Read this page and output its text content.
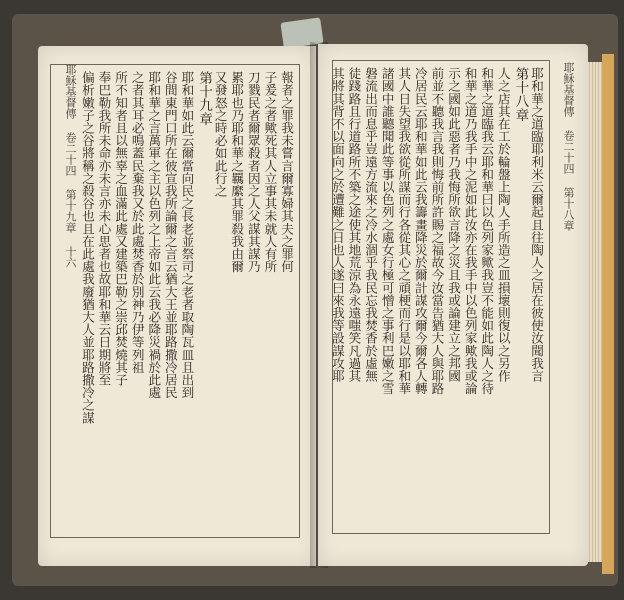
報者之罪我未嘗言爾寡婦其夫之罪何
子爰之者歟死其人立事其未就人有所
刀戮民者爾眾殺者因之人父謀其謀乃
累耶也乃耶和華之羈縻其罪殺我由爾
又發怒之時必如此行之
第十九章
耶和華如此云爾當向民之長老並祭司之老者取陶瓦皿且出到
谷間東門口所在彼宣我所論爾之言云猶大王並耶路撒冷居民
耶和華之言萬軍之主以色列之上帝如此云我必降災禍於此處
之者其耳必鳴蓋民棄我又於此處焚香於別神乃伊等列祖
所不知者且以無辜之血滿此處又建築巴勒之崇邱焚燒其子
奉巴勒我所未命亦未言亦未心思者也故耶和華云日期將至
偏析嫩子之谷將稱之殺谷也且在此處我廢猶大人並耶路撒冷之謀
耶穌基督傳 卷二十四 第十九章 十六	耶和華之道臨耶利米云爾起且往陶人之居在彼使汝聞我言
第十八章
人之店其在工於輪盤上陶人手所造之皿損壞則復以之另作
和華之道臨我云耶和華曰以色列家歟我豈不能如此陶人之待
和華之道乃我手中之泥如此汝亦在我手中以色列家歟我或論
示之國如此惡者乃我悔所欲言降之災且我或論建立之邦國
前並不聽我言我則悔前所許賜之福故今汝當告猶大人與耶路
冷居民云耶和華如此云我籌畫降災於爾計謀攻爾今爾各人轉
其人日失望我欲從所謀而行各從其心之頑梗而行是以耶和華
諸國中誰聽聞此等事以色列之處女行極可憎之事利巴嫩之雪
磐流出而息乎豈遠方流來之冷水涸乎我民忘我焚香於虛無
徒踐路且行道路所不築之途使其地荒涼為永遠嗤笑凡過其
其將其背不以面向之於遭難之日也人遂曰來我等設謀攻耶	耶穌基督傳 卷二十四 第十八章
